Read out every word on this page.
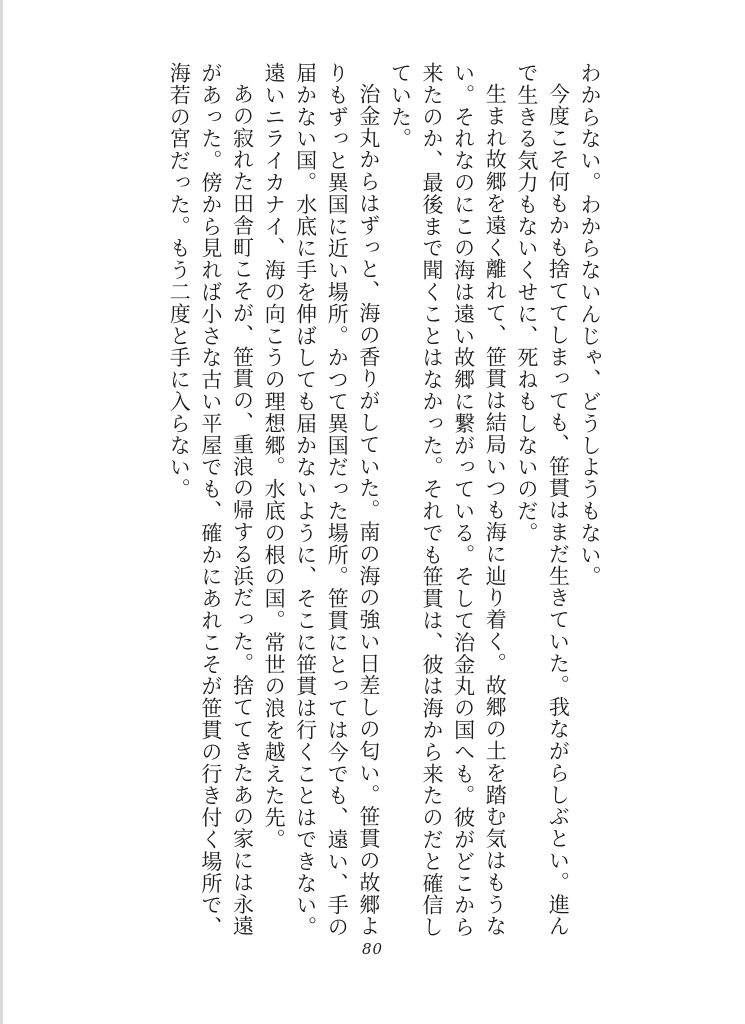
わからない。わからないんじゃ、どうしようもない。

今度こそ何もかも捨ててしまっても、笹貫はまだ生きていた。我ながらしぶとい。進んで生きる気力もないくせに、死ねもしないのだ。

生まれ故郷を遠く離れて、笹貫は結局いつも海に辿り着く。故郷の土を踏む気はもうない。それなのにこの海は遠い故郷に繋がっている。そして治金丸の国へも。彼がどこから来たのか、最後まで聞くことはなかった。それでも笹貫は、彼は海から来たのだと確信していた。

治金丸からはずっと、海の香りがしていた。南の海の強い日差しの匂い。笹貫の故郷よりもずっと異国に近い場所。かつて異国だった場所。笹貫にとっては今でも、遠い、手の届かない国。水底に手を伸ばしても届かないように、そこに笹貫は行くことはできない。遠いニライカナイ、海の向こうの理想郷。水底の根の国。常世の浪を越えた先。

あの寂れた田舎町こそが、笹貫の、重浪の帰する浜だった。捨ててきたあの家には永遠があった。傍から見れば小さな古い平屋でも、確かにあれこそが笹貫の行き付く場所で、海若の宮だった。もう二度と手に入らない。

80
